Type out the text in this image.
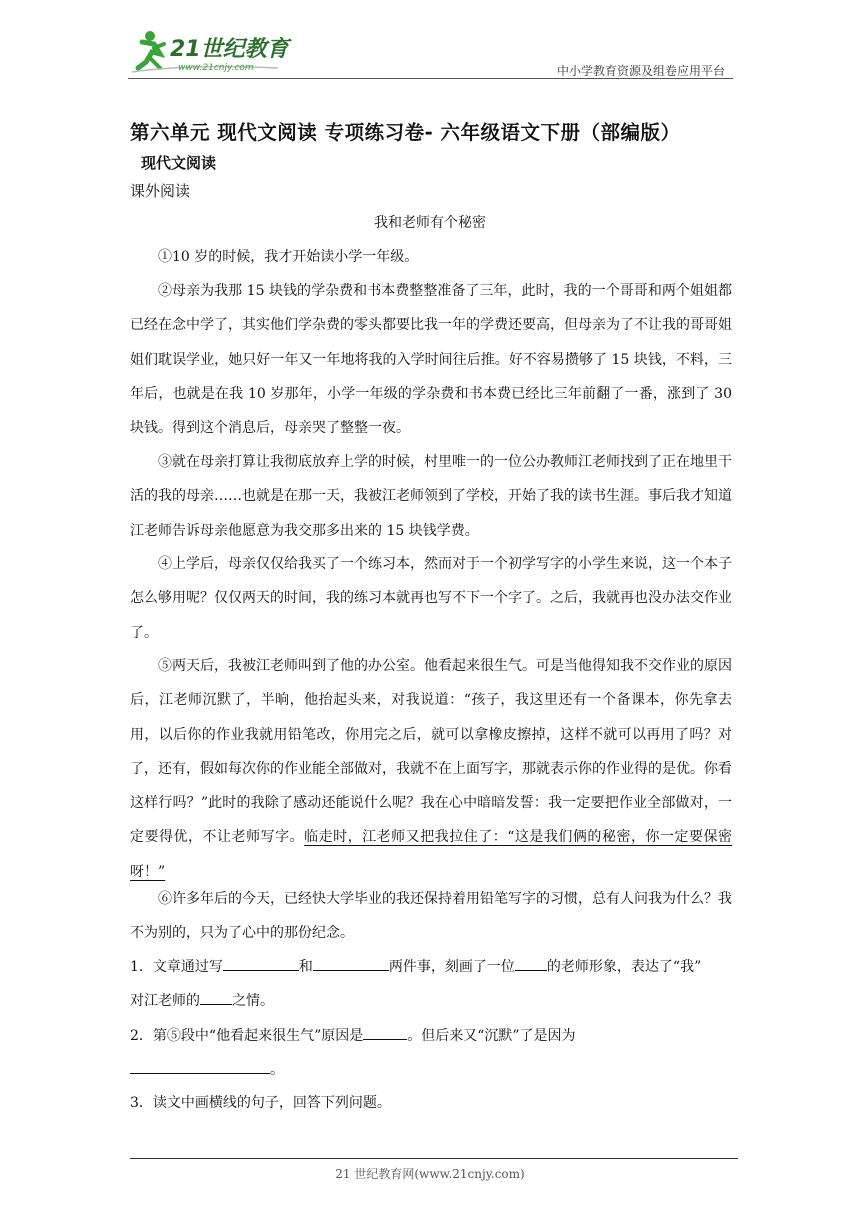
21世纪教育
www.21cnjy.com	中小学教育资源及组卷应用平台
第六单元 现代文阅读 专项练习卷- 六年级语文下册（部编版）
现代文阅读
课外阅读
我和老师有个秘密
①10 岁的时候，我才开始读小学一年级。
②母亲为我那 15 块钱的学杂费和书本费整整准备了三年，此时，我的一个哥哥和两个姐姐都已经在念中学了，其实他们学杂费的零头都要比我一年的学费还要高，但母亲为了不让我的哥哥姐姐们耽误学业，她只好一年又一年地将我的入学时间往后推。好不容易攒够了 15 块钱，不料，三年后，也就是在我 10 岁那年，小学一年级的学杂费和书本费已经比三年前翻了一番，涨到了 30 块钱。得到这个消息后，母亲哭了整整一夜。
③就在母亲打算让我彻底放弃上学的时候，村里唯一的一位公办教师江老师找到了正在地里干活的我的母亲……也就是在那一天，我被江老师领到了学校，开始了我的读书生涯。事后我才知道江老师告诉母亲他愿意为我交那多出来的 15 块钱学费。
④上学后，母亲仅仅给我买了一个练习本，然而对于一个初学写字的小学生来说，这一个本子怎么够用呢？仅仅两天的时间，我的练习本就再也写不下一个字了。之后，我就再也没办法交作业了。
⑤两天后，我被江老师叫到了他的办公室。他看起来很生气。可是当他得知我不交作业的原因后，江老师沉默了，半晌，他抬起头来，对我说道：“孩子，我这里还有一个备课本，你先拿去用，以后你的作业我就用铅笔改，你用完之后，就可以拿橡皮擦掉，这样不就可以再用了吗？对了，还有，假如每次你的作业能全部做对，我就不在上面写字，那就表示你的作业得的是优。你看这样行吗？”此时的我除了感动还能说什么呢？我在心中暗暗发誓：我一定要把作业全部做对，一定要得优，不让老师写字。临走时，江老师又把我拉住了：“这是我们俩的秘密，你一定要保密呀！”
⑥许多年后的今天，已经快大学毕业的我还保持着用铅笔写字的习惯，总有人问我为什么？我不为别的，只为了心中的那份纪念。
1．文章通过写	和	两件事，刻画了一位 的老师形象，表达了“我”
对江老师的 之情。
2．第⑤段中“他看起来很生气”原因是	。但后来又“沉默”了是因为
。
3．读文中画横线的句子，回答下列问题。
21 世纪教育网(www.21cnjy.com)
